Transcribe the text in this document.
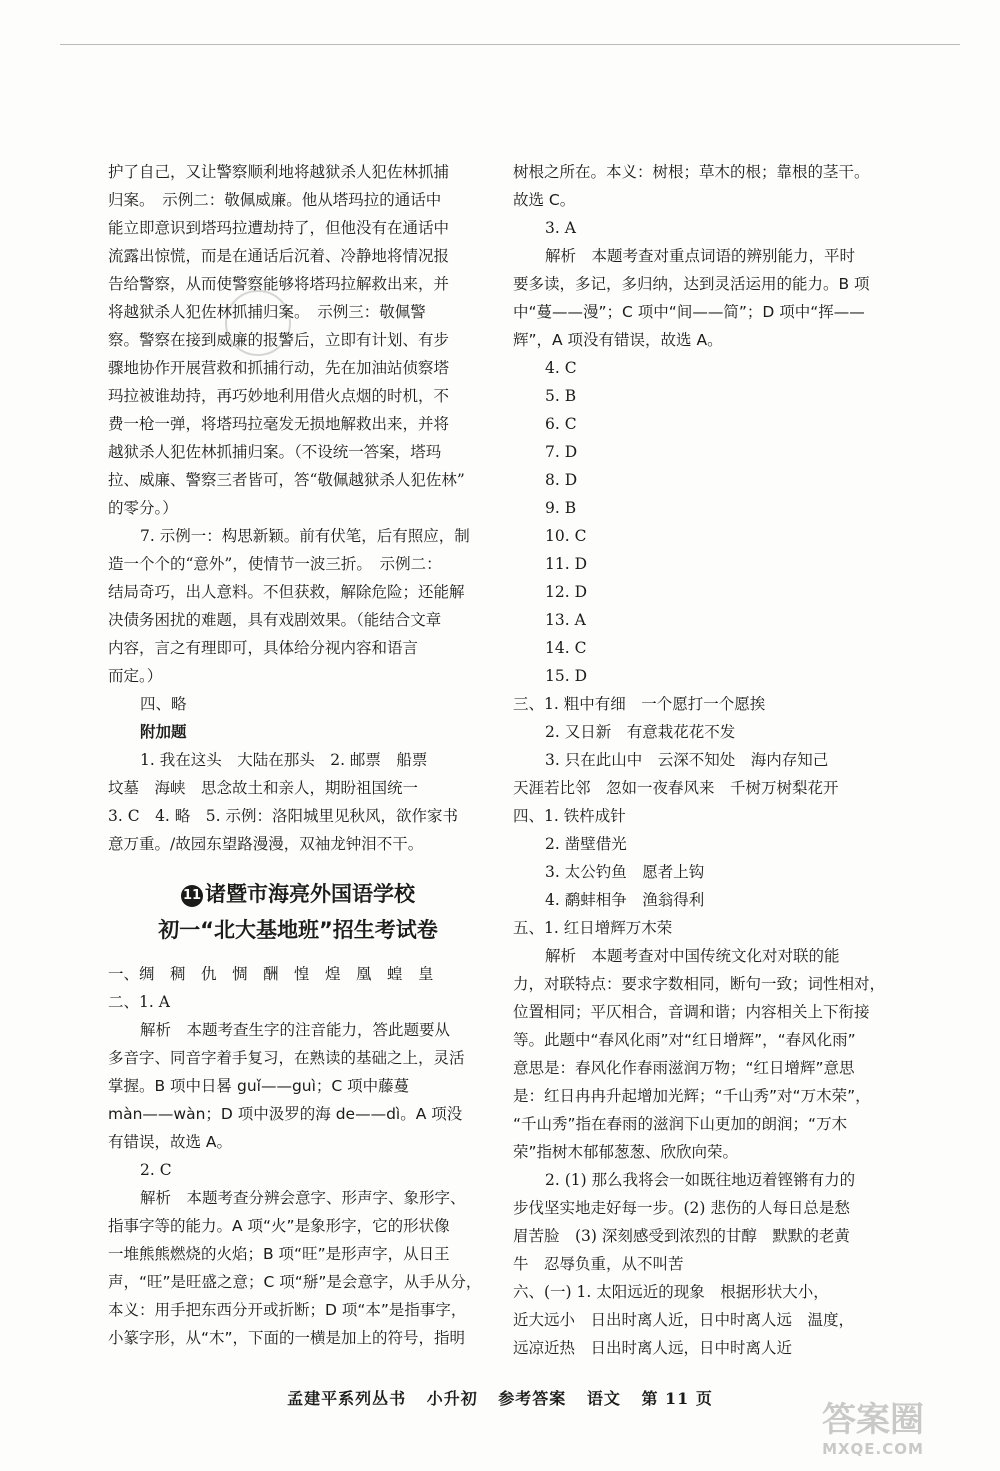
护了自己，又让警察顺利地将越狱杀人犯佐林抓捕

归案。　示例二：敬佩威廉。他从塔玛拉的通话中

能立即意识到塔玛拉遭劫持了，但他没有在通话中

流露出惊慌，而是在通话后沉着、冷静地将情况报

告给警察，从而使警察能够将塔玛拉解救出来，并

将越狱杀人犯佐林抓捕归案。　示例三：敬佩警

察。警察在接到威廉的报警后，立即有计划、有步

骤地协作开展营救和抓捕行动，先在加油站侦察塔

玛拉被谁劫持，再巧妙地利用借火点烟的时机，不

费一枪一弹，将塔玛拉毫发无损地解救出来，并将

越狱杀人犯佐林抓捕归案。（不设统一答案，塔玛

拉、威廉、警察三者皆可，答“敬佩越狱杀人犯佐林”

的零分。）

7. 示例一：构思新颖。前有伏笔，后有照应，制

造一个个的“意外”，使情节一波三折。　示例二：

结局奇巧，出人意料。不但获救，解除危险；还能解

决债务困扰的难题，具有戏剧效果。（能结合文章

内容，言之有理即可，具体给分视内容和语言

而定。）

四、略

附加题

1. 我在这头　大陆在那头　2. 邮票　船票

坟墓　海峡　思念故土和亲人，期盼祖国统一

3. C　4. 略　5. 示例：洛阳城里见秋风，欲作家书

意万重。/故园东望路漫漫，双袖龙钟泪不干。

11 诸暨市海亮外国语学校
初一“北大基地班”招生考试卷

一、绸　稠　仇　惆　酬　惶　煌　凰　蝗　皇

二、1. A

解析　本题考查生字的注音能力，答此题要从

多音字、同音字着手复习，在熟读的基础之上，灵活

掌握。B 项中日晷 guǐ——guì；C 项中藤蔓

màn——wàn；D 项中汲罗的海 de——dì。A 项没

有错误，故选 A。

2. C

解析　本题考查分辨会意字、形声字、象形字、

指事字等的能力。A 项“火”是象形字，它的形状像

一堆熊熊燃烧的火焰；B 项“旺”是形声字，从日王

声，“旺”是旺盛之意；C 项“掰”是会意字，从手从分，

本义：用手把东西分开或折断；D 项“本”是指事字，

小篆字形，从“木”，下面的一横是加上的符号，指明

树根之所在。本义：树根；草木的根；靠根的茎干。

故选 C。

3. A

解析　本题考查对重点词语的辨别能力，平时

要多读，多记，多归纳，达到灵活运用的能力。B 项

中“蔓——漫”；C 项中“间——简”；D 项中“挥——

辉”，A 项没有错误，故选 A。

4. C

5. B

6. C

7. D

8. D

9. B

10. C

11. D

12. D

13. A

14. C

15. D

三、1. 粗中有细　一个愿打一个愿挨

2. 又日新　有意栽花花不发

3. 只在此山中　云深不知处　海内存知己

天涯若比邻　忽如一夜春风来　千树万树梨花开

四、1. 铁杵成针

2. 凿壁借光

3. 太公钓鱼　愿者上钩

4. 鹬蚌相争　渔翁得利

五、1. 红日增辉万木荣

解析　本题考查对中国传统文化对对联的能

力，对联特点：要求字数相同，断句一致；词性相对，

位置相同；平仄相合，音调和谐；内容相关上下衔接

等。此题中“春风化雨”对“红日增辉”，“春风化雨”

意思是：春风化作春雨滋润万物；“红日增辉”意思

是：红日冉冉升起增加光辉；“千山秀”对“万木荣”，

“千山秀”指在春雨的滋润下山更加的朗润；“万木

荣”指树木郁郁葱葱、欣欣向荣。

2. (1) 那么我将会一如既往地迈着铿锵有力的

步伐坚实地走好每一步。(2) 悲伤的人每日总是愁

眉苦脸　(3) 深刻感受到浓烈的甘醇　默默的老黄

牛　忍辱负重，从不叫苦

六、(一) 1. 太阳远近的现象　根据形状大小，

近大远小　日出时离人近，日中时离人远　温度，

远凉近热　日出时离人远，日中时离人近

孟建平系列丛书 小升初 参考答案 语文 第 11 页
答案圈
MXQE.COM
